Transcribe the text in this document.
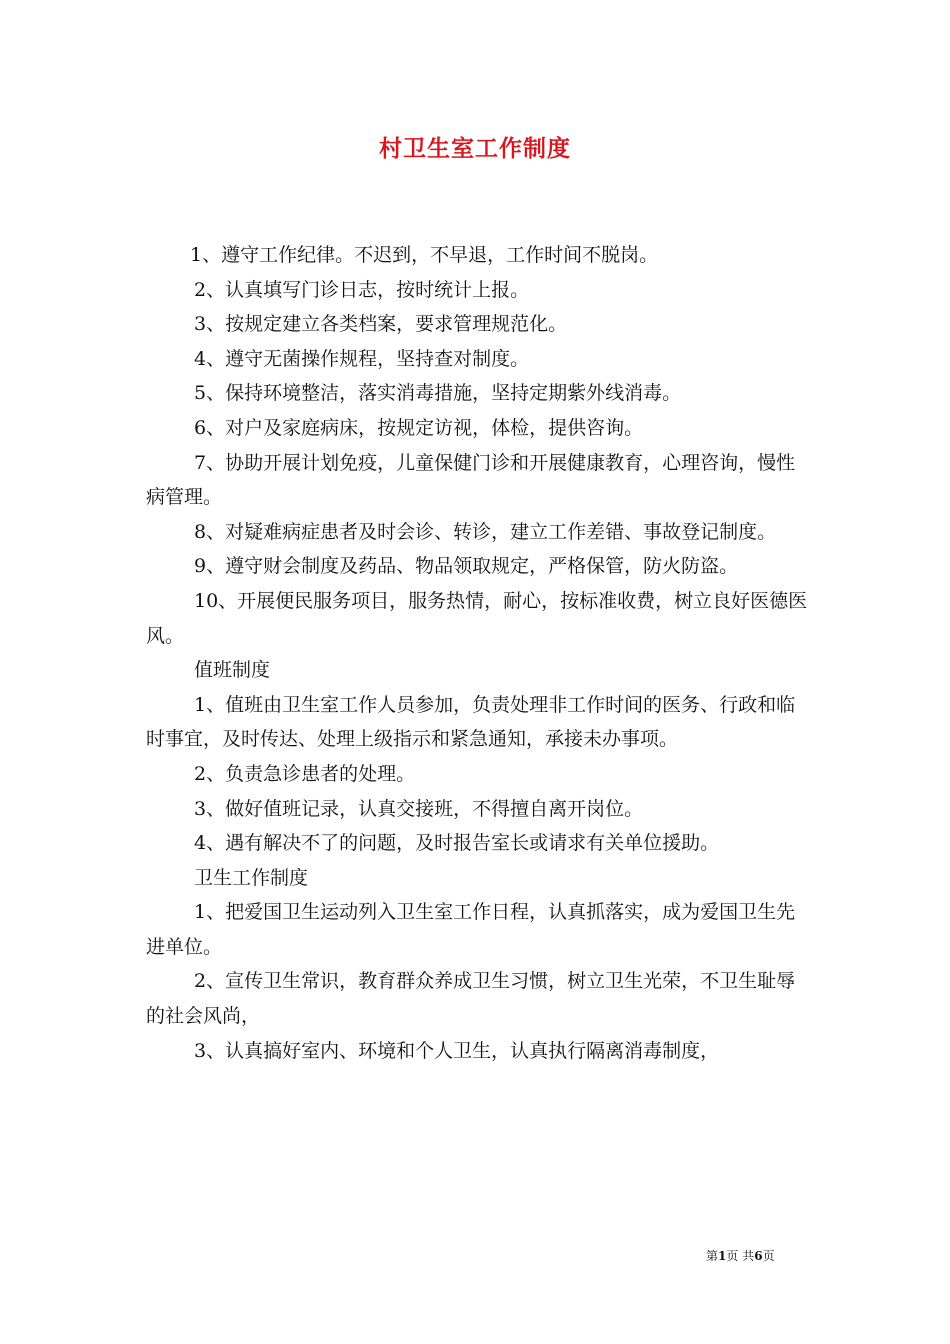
村卫生室工作制度

1、遵守工作纪律。不迟到，不早退，工作时间不脱岗。

2、认真填写门诊日志，按时统计上报。

3、按规定建立各类档案，要求管理规范化。

4、遵守无菌操作规程，坚持查对制度。

5、保持环境整洁，落实消毒措施，坚持定期紫外线消毒。

6、对户及家庭病床，按规定访视，体检，提供咨询。

7、协助开展计划免疫，儿童保健门诊和开展健康教育，心理咨询，慢性病管理。

8、对疑难病症患者及时会诊、转诊，建立工作差错、事故登记制度。

9、遵守财会制度及药品、物品领取规定，严格保管，防火防盗。

10、开展便民服务项目，服务热情，耐心，按标准收费，树立良好医德医风。

值班制度

1、值班由卫生室工作人员参加，负责处理非工作时间的医务、行政和临时事宜，及时传达、处理上级指示和紧急通知，承接未办事项。

2、负责急诊患者的处理。

3、做好值班记录，认真交接班，不得擅自离开岗位。

4、遇有解决不了的问题，及时报告室长或请求有关单位援助。

卫生工作制度

1、把爱国卫生运动列入卫生室工作日程，认真抓落实，成为爱国卫生先进单位。

2、宣传卫生常识，教育群众养成卫生习惯，树立卫生光荣，不卫生耻辱的社会风尚，

3、认真搞好室内、环境和个人卫生，认真执行隔离消毒制度，

第1页 共6页
